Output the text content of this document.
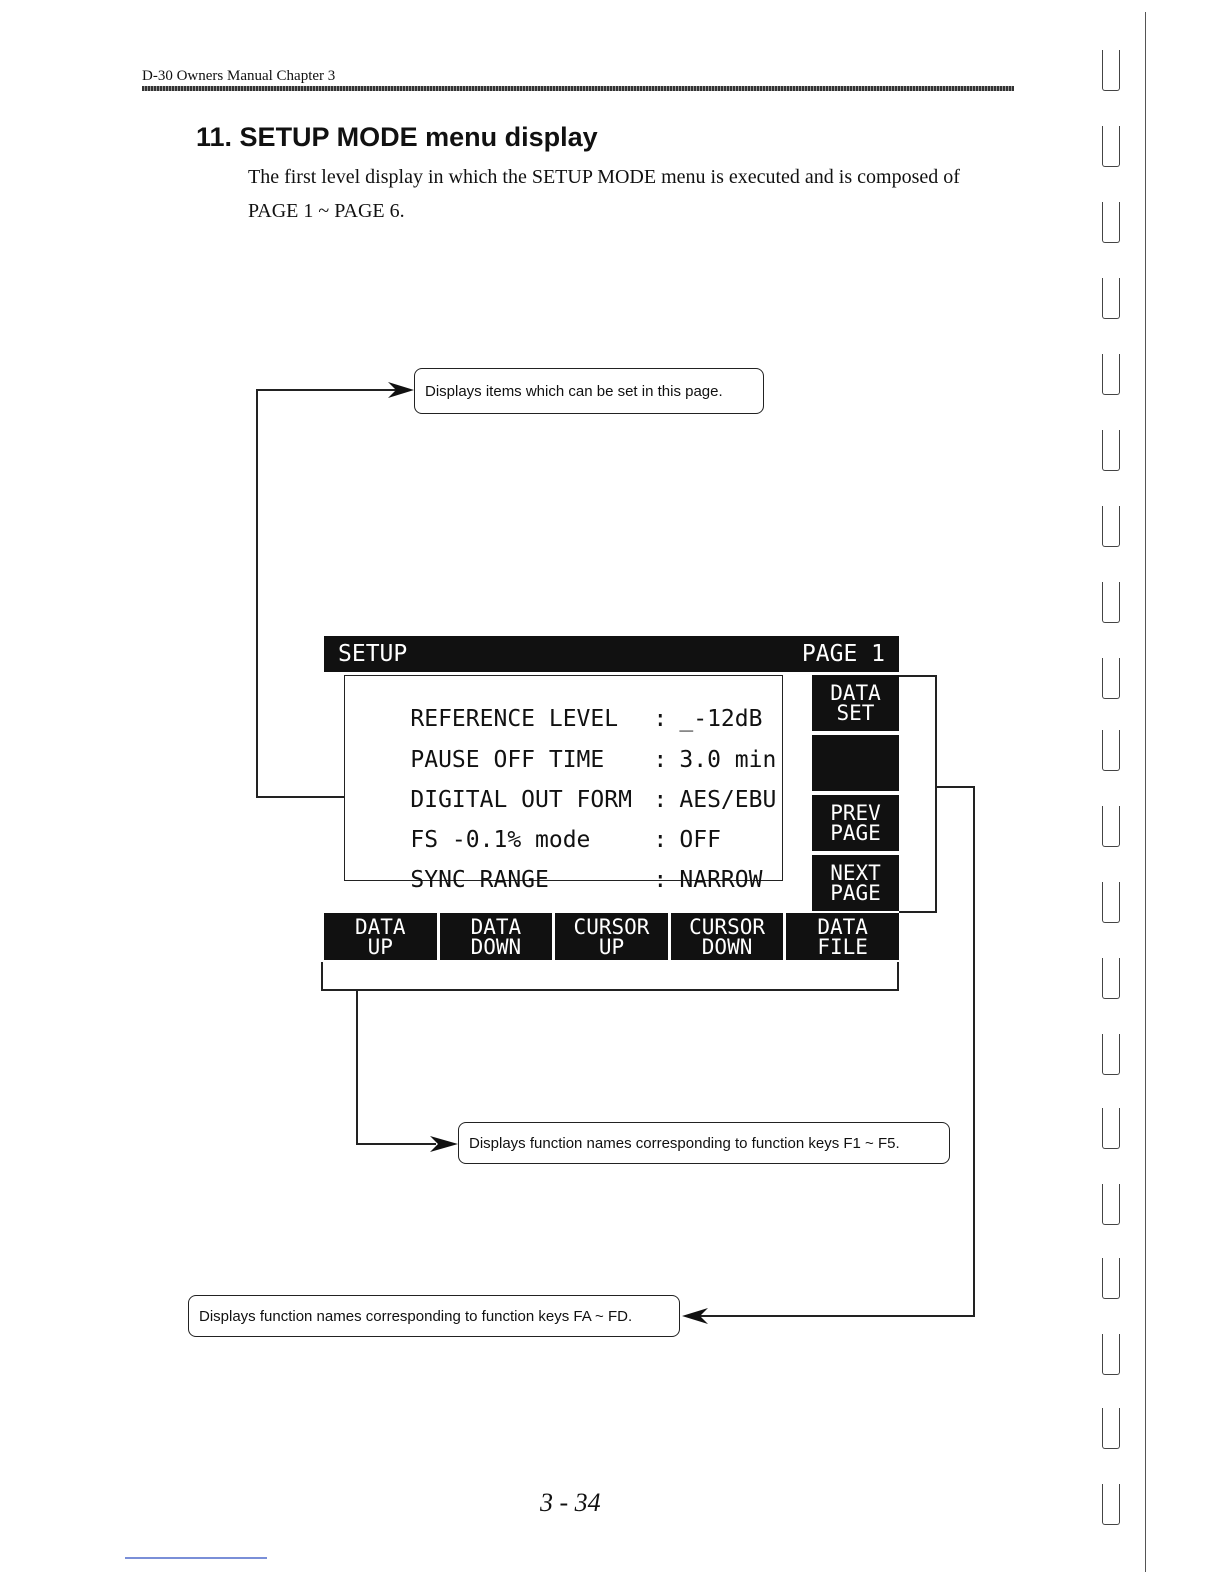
D-30 Owners Manual Chapter 3
11. SETUP MODE menu display
The first level display in which the SETUP MODE menu is executed and is composed of
PAGE 1 ~ PAGE 6.
Displays items which can be set in this page.
Displays function names corresponding to function keys F1 ~ F5.
Displays function names corresponding to function keys FA ~ FD.
SETUP	PAGE 1

REFERENCE LEVEL : _-12dB

PAUSE OFF TIME : 3.0 min

DIGITAL OUT FORM : AES/EBU

FS -0.1% mode	: OFF

SYNC RANGE	: NARROW

DATA
SET
PREV
PAGE
NEXT
PAGE
DATA
UP
DATA
DOWN
CURSOR
UP
CURSOR
DOWN
DATA
FILE
3 - 34
